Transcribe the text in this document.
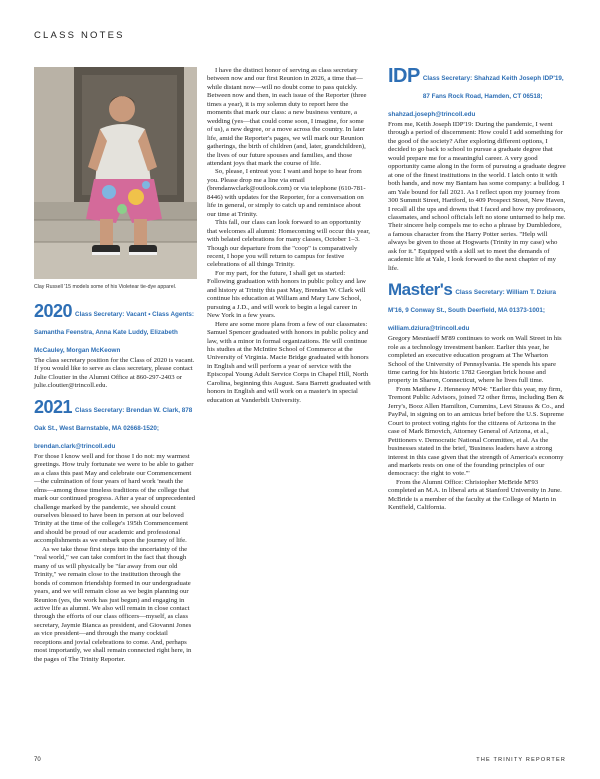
CLASS NOTES
Clay Russell '15 models some of his Violetear tie-dye apparel.
2020 Class Secretary: Vacant • Class Agents: Samantha Feenstra, Anna Kate Luddy, Elizabeth McCauley, Morgan McKeown

The class secretary position for the Class of 2020 is vacant. If you would like to serve as class secretary, please contact Julie Cloutier in the Alumni Office at 860-297-2403 or julie.cloutier@trincoll.edu.

2021 Class Secretary: Brendan W. Clark, 878 Oak St., West Barnstable, MA 02668-1520; brendan.clark@trincoll.edu

For those I know well and for those I do not: my warmest greetings. How truly fortunate we were to be able to gather as a class this past May and celebrate our Commencement—the culmination of four years of hard work 'neath the elms—among those timeless traditions of the college that mark our continued progress. After a year of unprecedented challenge marked by the pandemic, we should count ourselves blessed to have been in person at our beloved Trinity at the time of the college's 195th Commencement and should be proud of our academic and professional accomplishments as we embark upon the journey of life.

As we take those first steps into the uncertainty of the "real world," we can take comfort in the fact that though many of us will physically be "far away from our old Trinity," we remain close to the institution through the bonds of common friendship formed in our undergraduate years, and we will remain close as we begin planning our Reunion (yes, the work has just begun) and engaging in active life as alumni. We also will remain in close contact through the efforts of our class officers—myself, as class secretary, Jaymie Bianca as president, and Giovanni Jones as vice president—and through the many cocktail receptions and jovial celebrations to come. And, perhaps most importantly, we shall remain connected right here, in the pages of The Trinity Reporter.

I have the distinct honor of serving as class secretary between now and our first Reunion in 2026, a time that—while distant now—will no doubt come to pass quickly. Between now and then, in each issue of the Reporter (three times a year), it is my solemn duty to report here the moments that mark our class: a new business venture, a wedding (yes—that could come soon, I imagine, for some of us), a new degree, or a move across the country. In later life, amid the Reporter's pages, we will mark our Reunion gatherings, the birth of children (and, later, grandchildren), the lives of our future spouses and families, and those attendant joys that mark the course of life.

So, please, I entreat you: I want and hope to hear from you. Please drop me a line via email (brendanwclark@outlook.com) or via telephone (610-781-8446) with updates for the Reporter, for a conversation on life in general, or simply to catch up and reminisce about our time at Trinity.

This fall, our class can look forward to an opportunity that welcomes all alumni: Homecoming will occur this year, with belated celebrations for many classes, October 1–3. Though our departure from the "coop" is comparatively recent, I hope you will return to campus for festive celebrations of all things Trinity.

For my part, for the future, I shall get us started: Following graduation with honors in public policy and law and history at Trinity this past May, Brendan W. Clark will continue his education at William and Mary Law School, pursuing a J.D., and will work to begin a legal career in New York in a few years.

Here are some more plans from a few of our classmates: Samuel Spencer graduated with honors in public policy and law, with a minor in formal organizations. He will continue his studies at the McIntire School of Commerce at the University of Virginia. Macie Bridge graduated with honors in English and will perform a year of service with the Episcopal Young Adult Service Corps in Chapel Hill, North Carolina, beginning this August. Sara Barrett graduated with honors in English and will work on a master's in special education at Vanderbilt University.

IDP Class Secretary: Shahzad Keith Joseph IDP'19, 87 Fans Rock Road, Hamden, CT 06518; shahzad.joseph@trincoll.edu

From me, Keith Joseph IDP'19: During the pandemic, I went through a period of discernment: How could I add something for the good of the society? After exploring different options, I decided to go back to school to pursue a graduate degree that would prepare me for a meaningful career. A very good opportunity came along in the form of pursuing a graduate degree at one of the finest institutions in the world. I latch onto it with both hands, and now my Bantam has some company: a bulldog. I am Yale bound for fall 2021. As I reflect upon my journey from 300 Summit Street, Hartford, to 409 Prospect Street, New Haven, I recall all the ups and downs that I faced and how my professors, classmates, and school officials left no stone unturned to help me. Their sincere help compels me to echo a phrase by Dumbledore, a famous character from the Harry Potter series. "Help will always be given to those at Hogwarts (Trinity in my case) who ask for it." Equipped with a skill set to meet the demands of academic life at Yale, I look forward to the next chapter of my life.

Master's Class Secretary: William T. Dziura M'16, 9 Conway St., South Deerfield, MA 01373-1001; william.dziura@trincoll.edu

Gregory Mesniaeff M'89 continues to work on Wall Street in his role as a technology investment banker. Earlier this year, he completed an executive education program at The Wharton School of the University of Pennsylvania. He spends his spare time caring for his historic 1782 Georgian brick house and property in Sharon, Connecticut, where he lives full time.

From Matthew J. Hennessy M'04: "Earlier this year, my firm, Tremont Public Advisors, joined 72 other firms, including Ben & Jerry's, Booz Allen Hamilton, Cummins, Levi Strauss & Co., and PayPal, in signing on to an amicus brief before the U.S. Supreme Court to protect voting rights for the citizens of Arizona in the case of Mark Brnovich, Attorney General of Arizona, et al., Petitioners v. Democratic National Committee, et al. As the businesses stated in the brief, 'Business leaders have a strong interest in this case given that the strength of America's economy and markets rests on one of the founding principles of our democracy: the right to vote.'"

From the Alumni Office: Christopher McBride M'93 completed an M.A. in liberal arts at Stanford University in June. McBride is a member of the faculty at the College of Marin in Kentfield, California.

70	THE TRINITY REPORTER
